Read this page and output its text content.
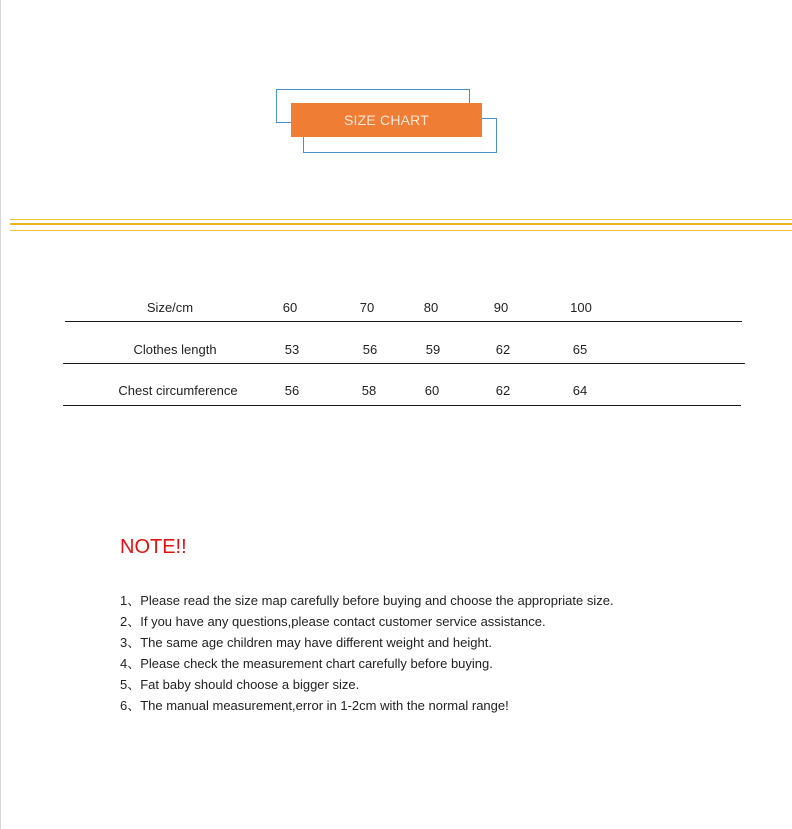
SIZE CHART
Size/cm	60	70	80	90	100
Clothes length	53	56	59	62	65
Chest circumference	56	58	60	62	64
NOTE!!
1、Please read the size map carefully before buying and choose the appropriate size.
2、If you have any questions,please contact customer service assistance.
3、The same age children may have different weight and height.
4、Please check the measurement chart carefully before buying.
5、Fat baby should choose a bigger size.
6、The manual measurement,error in 1-2cm with the normal range!
